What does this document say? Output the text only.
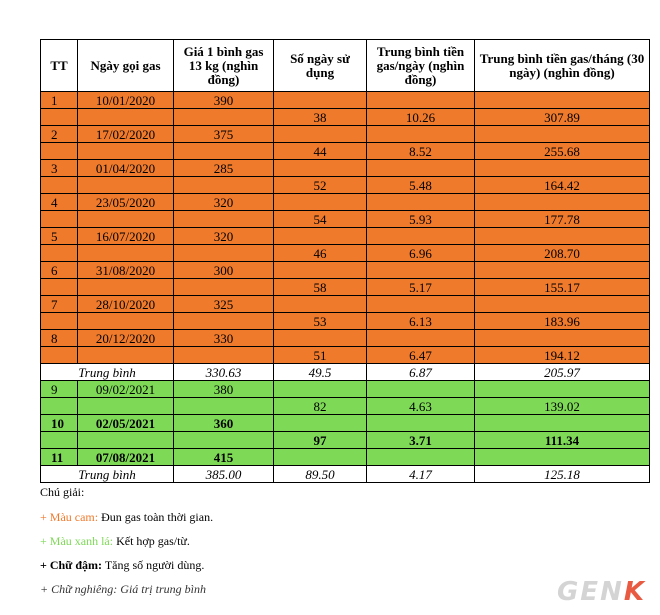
TT	Ngày gọi gas	Giá 1 bình gas 13 kg (nghìn đồng)	Số ngày sử dụng	Trung bình tiền gas/ngày (nghìn đồng)	Trung bình tiền gas/tháng (30 ngày) (nghìn đồng)
1	10/01/2020	390			
			38	10.26	307.89
2	17/02/2020	375			
			44	8.52	255.68
3	01/04/2020	285			
			52	5.48	164.42
4	23/05/2020	320			
			54	5.93	177.78
5	16/07/2020	320			
			46	6.96	208.70
6	31/08/2020	300			
			58	5.17	155.17
7	28/10/2020	325			
			53	6.13	183.96
8	20/12/2020	330			
			51	6.47	194.12
Trung bình		330.63	49.5	6.87	205.97
9	09/02/2021	380			
			82	4.63	139.02
10	02/05/2021	360			
			97	3.71	111.34
11	07/08/2021	415			
Trung bình		385.00	89.50	4.17	125.18
Chú giải:
+ Màu cam: Đun gas toàn thời gian.
+ Màu xanh lá: Kết hợp gas/từ.
+ Chữ đậm: Tăng số người dùng.
+ Chữ nghiêng: Giá trị trung bình	GENK
